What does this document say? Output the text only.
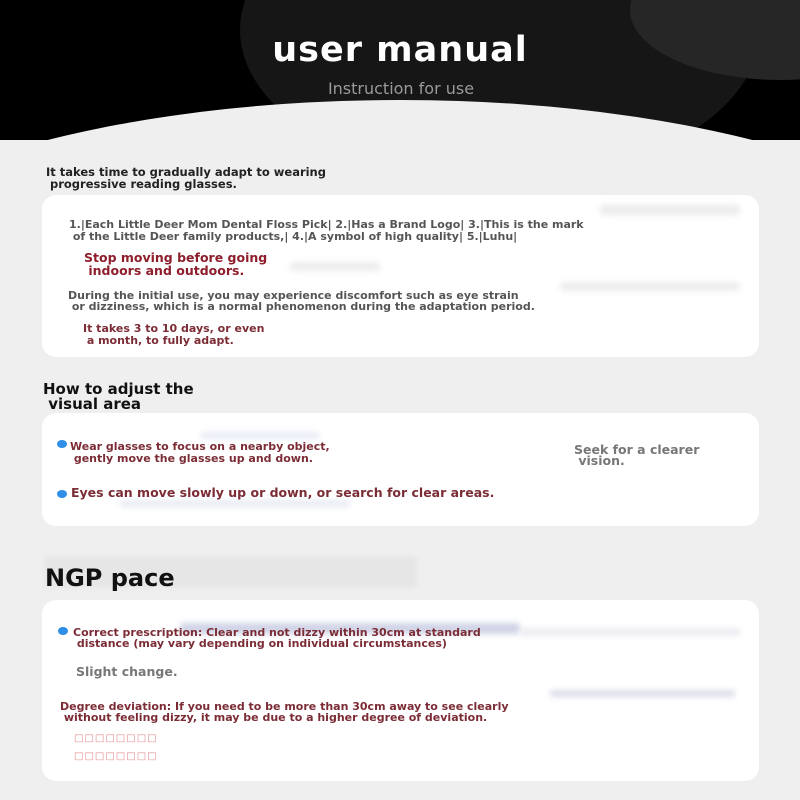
user manual
Instruction for use
It takes time to gradually adapt to wearing
progressive reading glasses.
1.|Each Little Deer Mom Dental Floss Pick| 2.|Has a Brand Logo| 3.|This is the mark
of the Little Deer family products,| 4.|A symbol of high quality| 5.|Luhu|
Stop moving before going
indoors and outdoors.
During the initial use, you may experience discomfort such as eye strain
or dizziness, which is a normal phenomenon during the adaptation period.
It takes 3 to 10 days, or even
a month, to fully adapt.
How to adjust the
visual area
Wear glasses to focus on a nearby object,
gently move the glasses up and down.
Seek for a clearer
vision.
Eyes can move slowly up or down, or search for clear areas.
NGP pace
Correct prescription: Clear and not dizzy within 30cm at standard
distance (may vary depending on individual circumstances)
Slight change.
Degree deviation: If you need to be more than 30cm away to see clearly
without feeling dizzy, it may be due to a higher degree of deviation.
□□□□□□□□
□□□□□□□□
